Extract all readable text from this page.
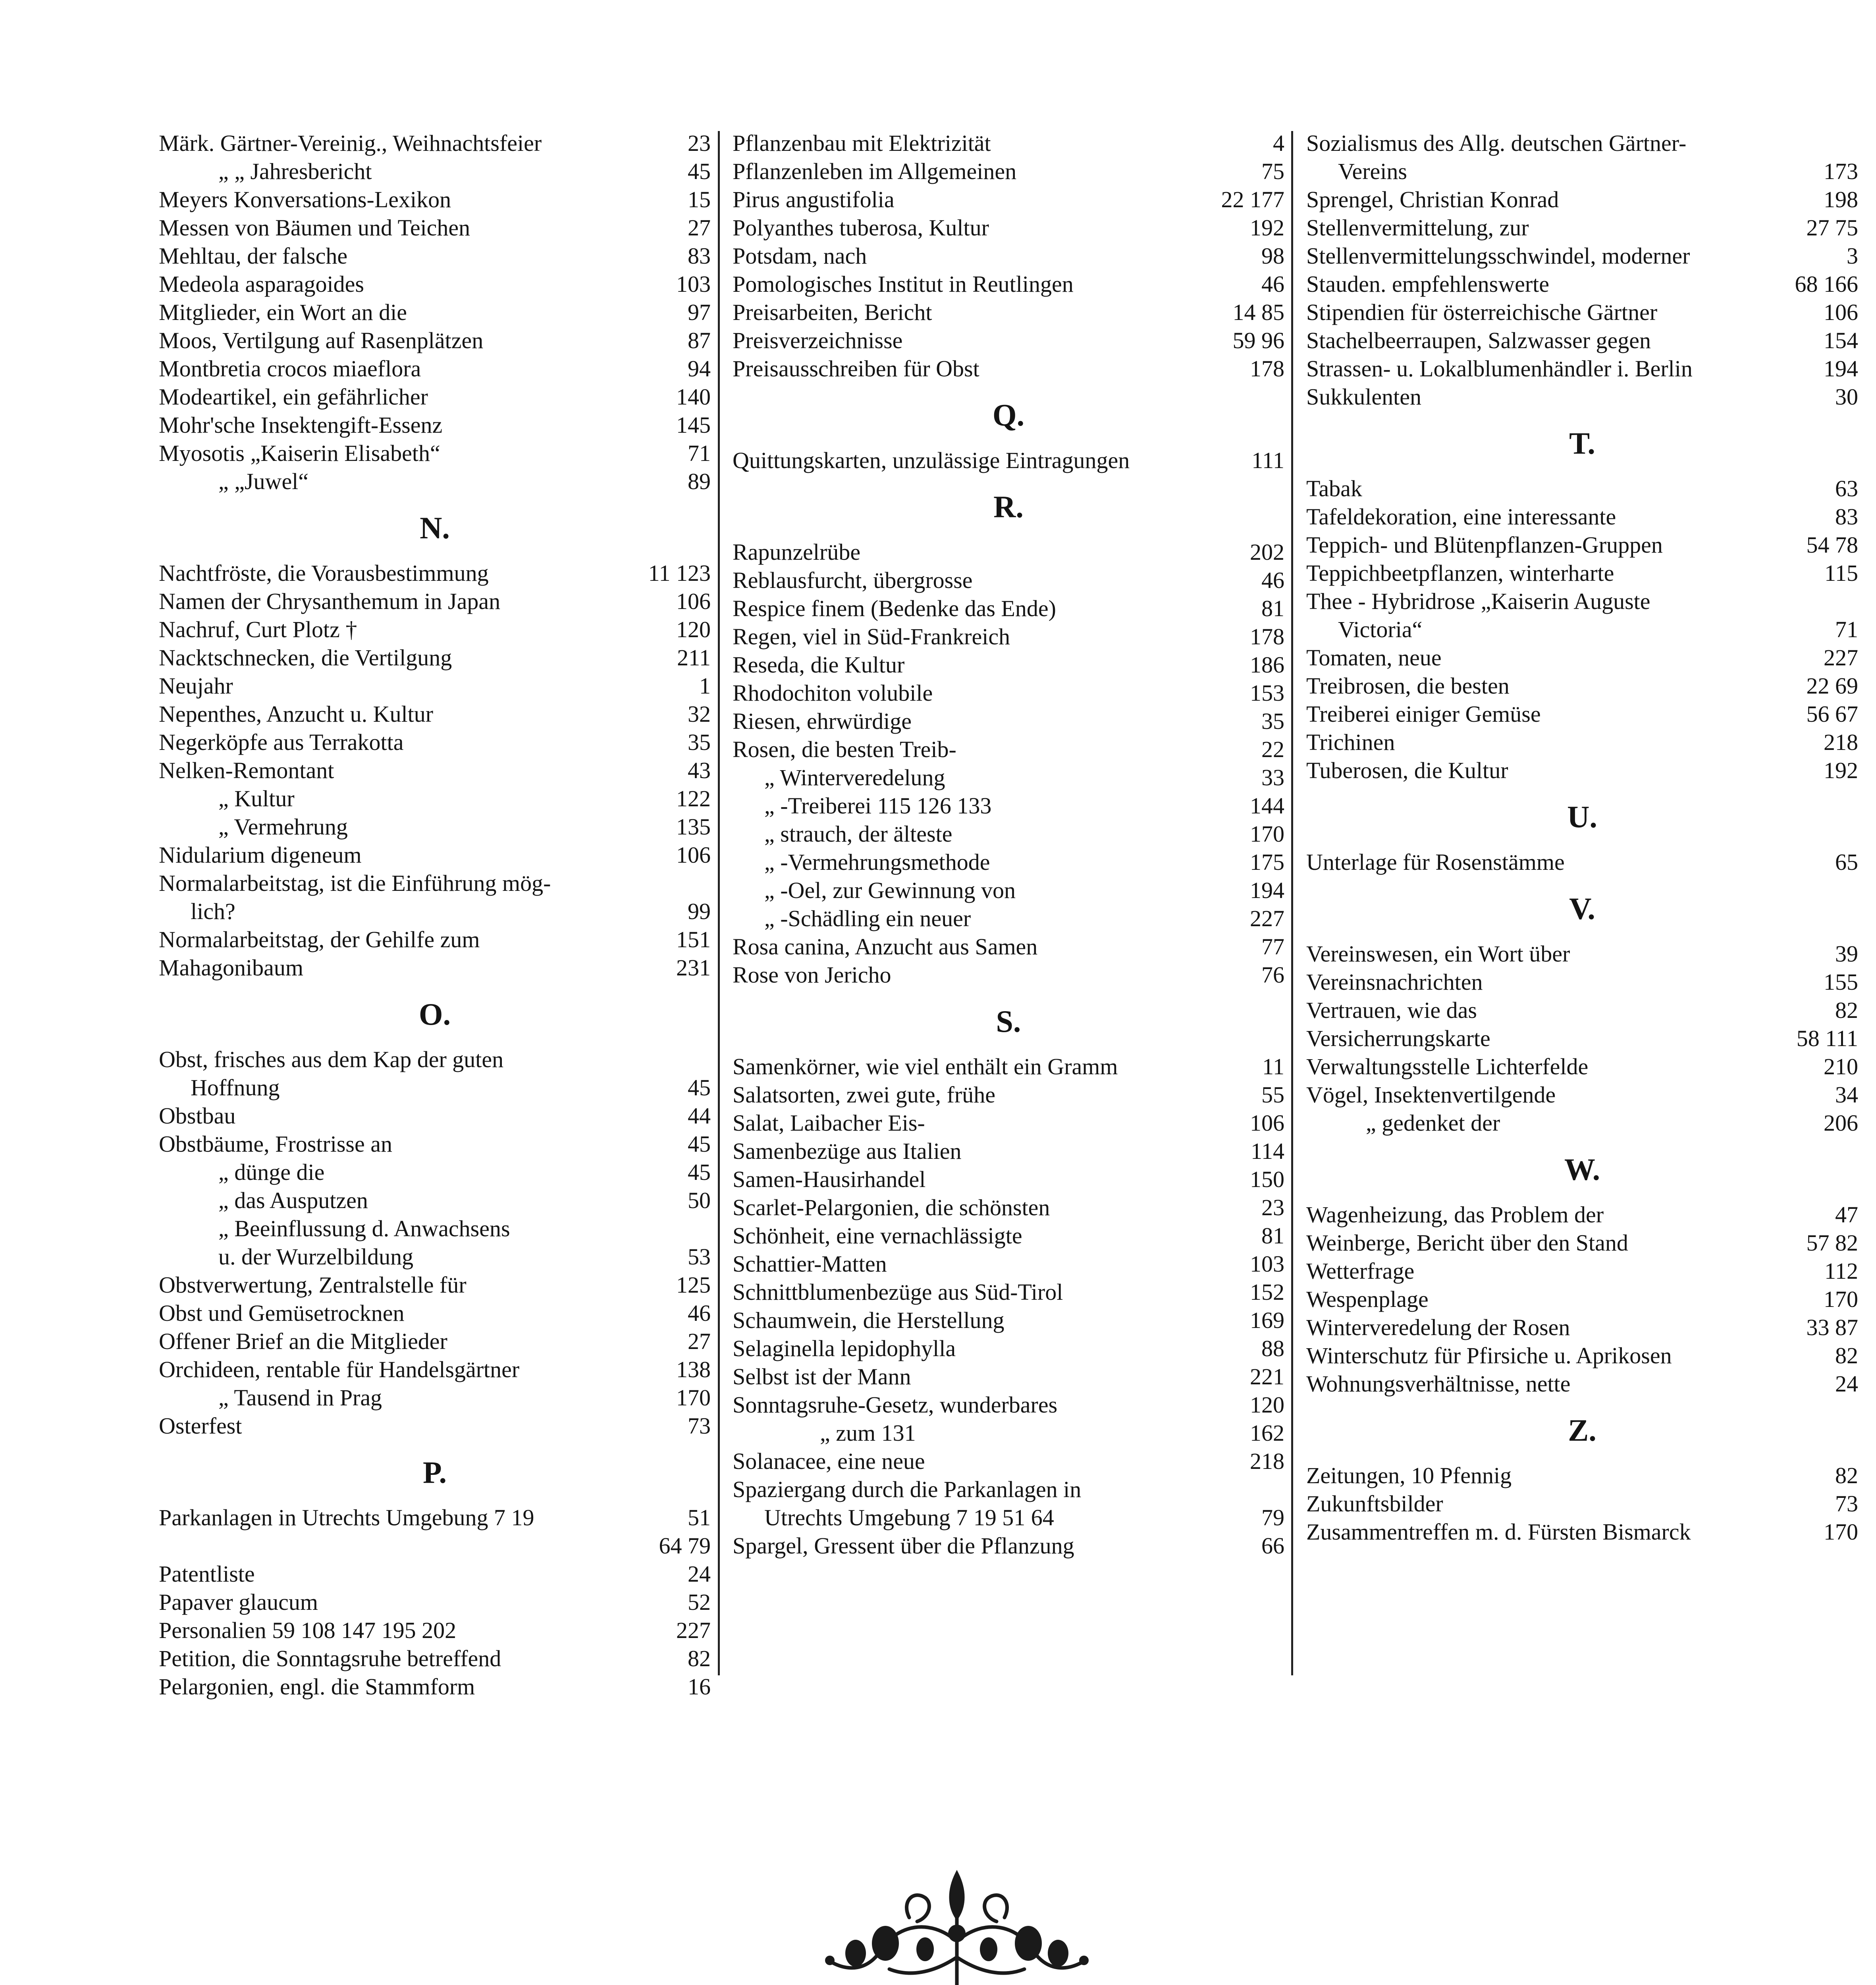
Märk. Gärtner-Vereinig., Weihnachtsfeier	23
„ „ Jahresbericht	45
Meyers Konversations-Lexikon	15
Messen von Bäumen und Teichen	27
Mehltau, der falsche	83
Medeola asparagoides	103
Mitglieder, ein Wort an die	97
Moos, Vertilgung auf Rasenplätzen	87
Montbretia crocos miaeflora	94
Modeartikel, ein gefährlicher	140
Mohr'sche Insektengift-Essenz	145
Myosotis „Kaiserin Elisabeth“	71
„ „Juwel“	89
N.
Nachtfröste, die Vorausbestimmung	11 123
Namen der Chrysanthemum in Japan	106
Nachruf, Curt Plotz †	120
Nacktschnecken, die Vertilgung	211
Neujahr	1
Nepenthes, Anzucht u. Kultur	32
Negerköpfe aus Terrakotta	35
Nelken-Remontant	43
„ Kultur	122
„ Vermehrung	135
Nidularium digeneum	106
Normalarbeitstag, ist die Einführung mög-
lich?	99
Normalarbeitstag, der Gehilfe zum	151
Mahagonibaum	231
O.
Obst, frisches aus dem Kap der guten
Hoffnung	45
Obstbau	44
Obstbäume, Frostrisse an	45
„ dünge die	45
„ das Ausputzen	50
„ Beeinflussung d. Anwachsens
u. der Wurzelbildung	53
Obstverwertung, Zentralstelle für	125
Obst und Gemüsetrocknen	46
Offener Brief an die Mitglieder	27
Orchideen, rentable für Handelsgärtner	138
„ Tausend in Prag	170
Osterfest	73
P.
Parkanlagen in Utrechts Umgebung 7 19	51
64 79
Patentliste	24
Papaver glaucum	52
Personalien 59 108 147 195 202	227
Petition, die Sonntagsruhe betreffend	82
Pelargonien, engl. die Stammform	16
Pflanzenbau mit Elektrizität	4
Pflanzenleben im Allgemeinen	75
Pirus angustifolia	22 177
Polyanthes tuberosa, Kultur	192
Potsdam, nach	98
Pomologisches Institut in Reutlingen	46
Preisarbeiten, Bericht	14 85
Preisverzeichnisse	59 96
Preisausschreiben für Obst	178
Q.
Quittungskarten, unzulässige Eintragungen	111
R.
Rapunzelrübe	202
Reblausfurcht, übergrosse	46
Respice finem (Bedenke das Ende)	81
Regen, viel in Süd-Frankreich	178
Reseda, die Kultur	186
Rhodochiton volubile	153
Riesen, ehrwürdige	35
Rosen, die besten Treib-	22
„ Winterveredelung	33
„ -Treiberei 115 126 133	144
„ strauch, der älteste	170
„ -Vermehrungsmethode	175
„ -Oel, zur Gewinnung von	194
„ -Schädling ein neuer	227
Rosa canina, Anzucht aus Samen	77
Rose von Jericho	76
S.
Samenkörner, wie viel enthält ein Gramm	11
Salatsorten, zwei gute, frühe	55
Salat, Laibacher Eis-	106
Samenbezüge aus Italien	114
Samen-Hausirhandel	150
Scarlet-Pelargonien, die schönsten	23
Schönheit, eine vernachlässigte	81
Schattier-Matten	103
Schnittblumenbezüge aus Süd-Tirol	152
Schaumwein, die Herstellung	169
Selaginella lepidophylla	88
Selbst ist der Mann	221
Sonntagsruhe-Gesetz, wunderbares	120
„ zum 131	162
Solanacee, eine neue	218
Spaziergang durch die Parkanlagen in
Utrechts Umgebung 7 19 51 64	79
Spargel, Gressent über die Pflanzung	66
Sozialismus des Allg. deutschen Gärtner-
Vereins	173
Sprengel, Christian Konrad	198
Stellenvermittelung, zur	27 75
Stellenvermittelungsschwindel, moderner	3
Stauden. empfehlenswerte	68 166
Stipendien für österreichische Gärtner	106
Stachelbeerraupen, Salzwasser gegen	154
Strassen- u. Lokalblumenhändler i. Berlin	194
Sukkulenten	30
T.
Tabak	63
Tafeldekoration, eine interessante	83
Teppich- und Blütenpflanzen-Gruppen	54 78
Teppichbeetpflanzen, winterharte	115
Thee - Hybridrose „Kaiserin Auguste
Victoria“	71
Tomaten, neue	227
Treibrosen, die besten	22 69
Treiberei einiger Gemüse	56 67
Trichinen	218
Tuberosen, die Kultur	192
U.
Unterlage für Rosenstämme	65
V.
Vereinswesen, ein Wort über	39
Vereinsnachrichten	155
Vertrauen, wie das	82
Versicherrungskarte	58 111
Verwaltungsstelle Lichterfelde	210
Vögel, Insektenvertilgende	34
„ gedenket der	206
W.
Wagenheizung, das Problem der	47
Weinberge, Bericht über den Stand	57 82
Wetterfrage	112
Wespenplage	170
Winterveredelung der Rosen	33 87
Winterschutz für Pfirsiche u. Aprikosen	82
Wohnungsverhältnisse, nette	24
Z.
Zeitungen, 10 Pfennig	82
Zukunftsbilder	73
Zusammentreffen m. d. Fürsten Bismarck	170
